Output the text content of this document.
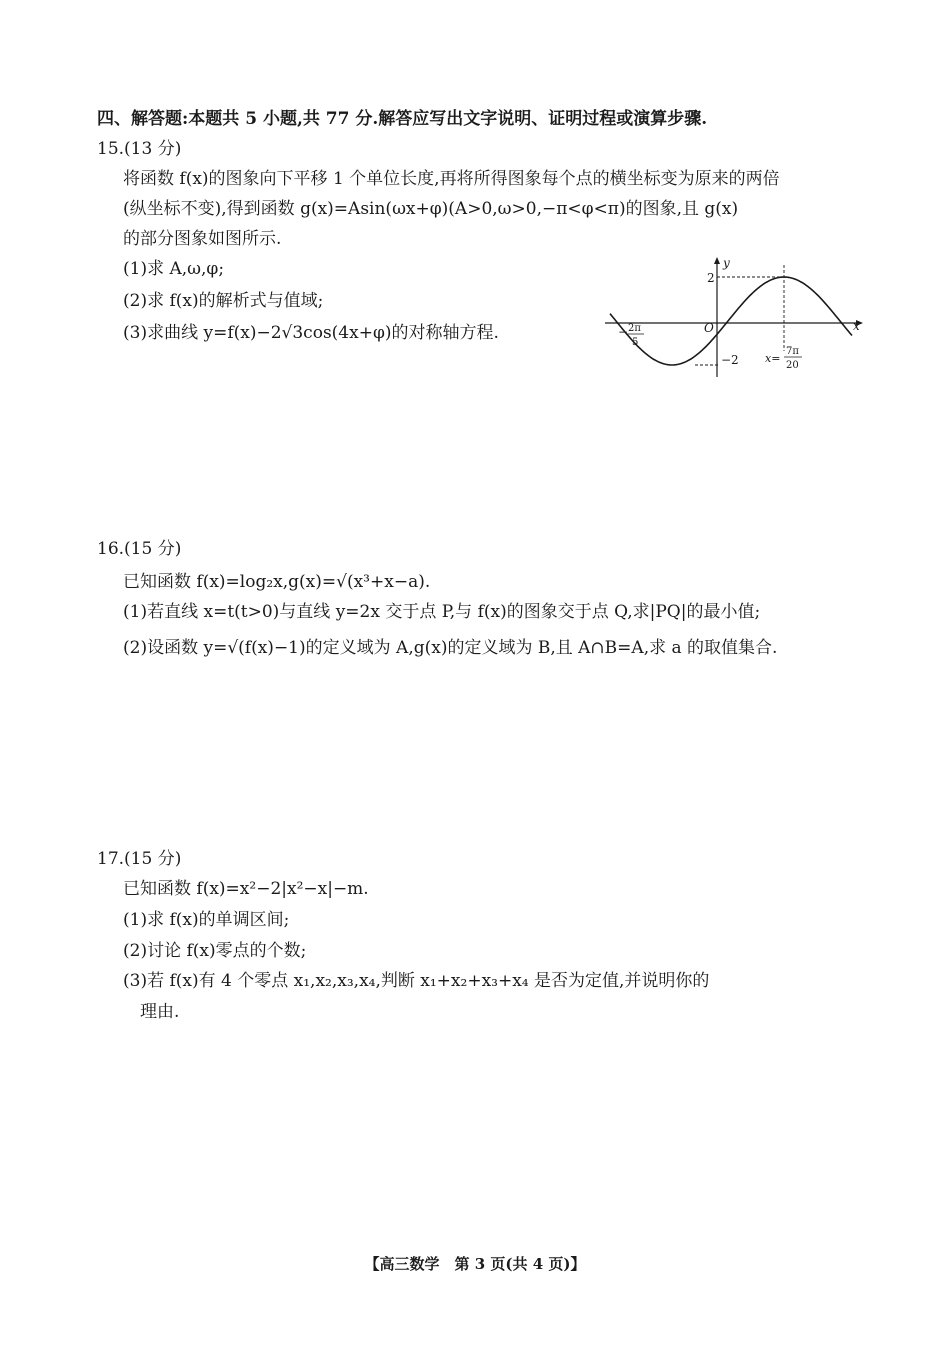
四、解答题:本题共 5 小题,共 77 分.解答应写出文字说明、证明过程或演算步骤.
15.(13 分)
将函数 f(x)的图象向下平移 1 个单位长度,再将所得图象每个点的横坐标变为原来的两倍
(纵坐标不变),得到函数 g(x)=Asin(ωx+φ)(A>0,ω>0,−π<φ<π)的图象,且 g(x)
的部分图象如图所示.
(1)求 A,ω,φ;
(2)求 f(x)的解析式与值域;
(3)求曲线 y=f(x)−2√3cos(4x+φ)的对称轴方程.
y
x
O
2
−2
− 2π
5
x=
7π
20
16.(15 分)
已知函数 f(x)=log₂x,g(x)=√(x³+x−a).
(1)若直线 x=t(t>0)与直线 y=2x 交于点 P,与 f(x)的图象交于点 Q,求|PQ|的最小值;
(2)设函数 y=√(f(x)−1)的定义域为 A,g(x)的定义域为 B,且 A∩B=A,求 a 的取值集合.
17.(15 分)
已知函数 f(x)=x²−2|x²−x|−m.
(1)求 f(x)的单调区间;
(2)讨论 f(x)零点的个数;
(3)若 f(x)有 4 个零点 x₁,x₂,x₃,x₄,判断 x₁+x₂+x₃+x₄ 是否为定值,并说明你的
理由.
【高三数学　第 3 页(共 4 页)】
